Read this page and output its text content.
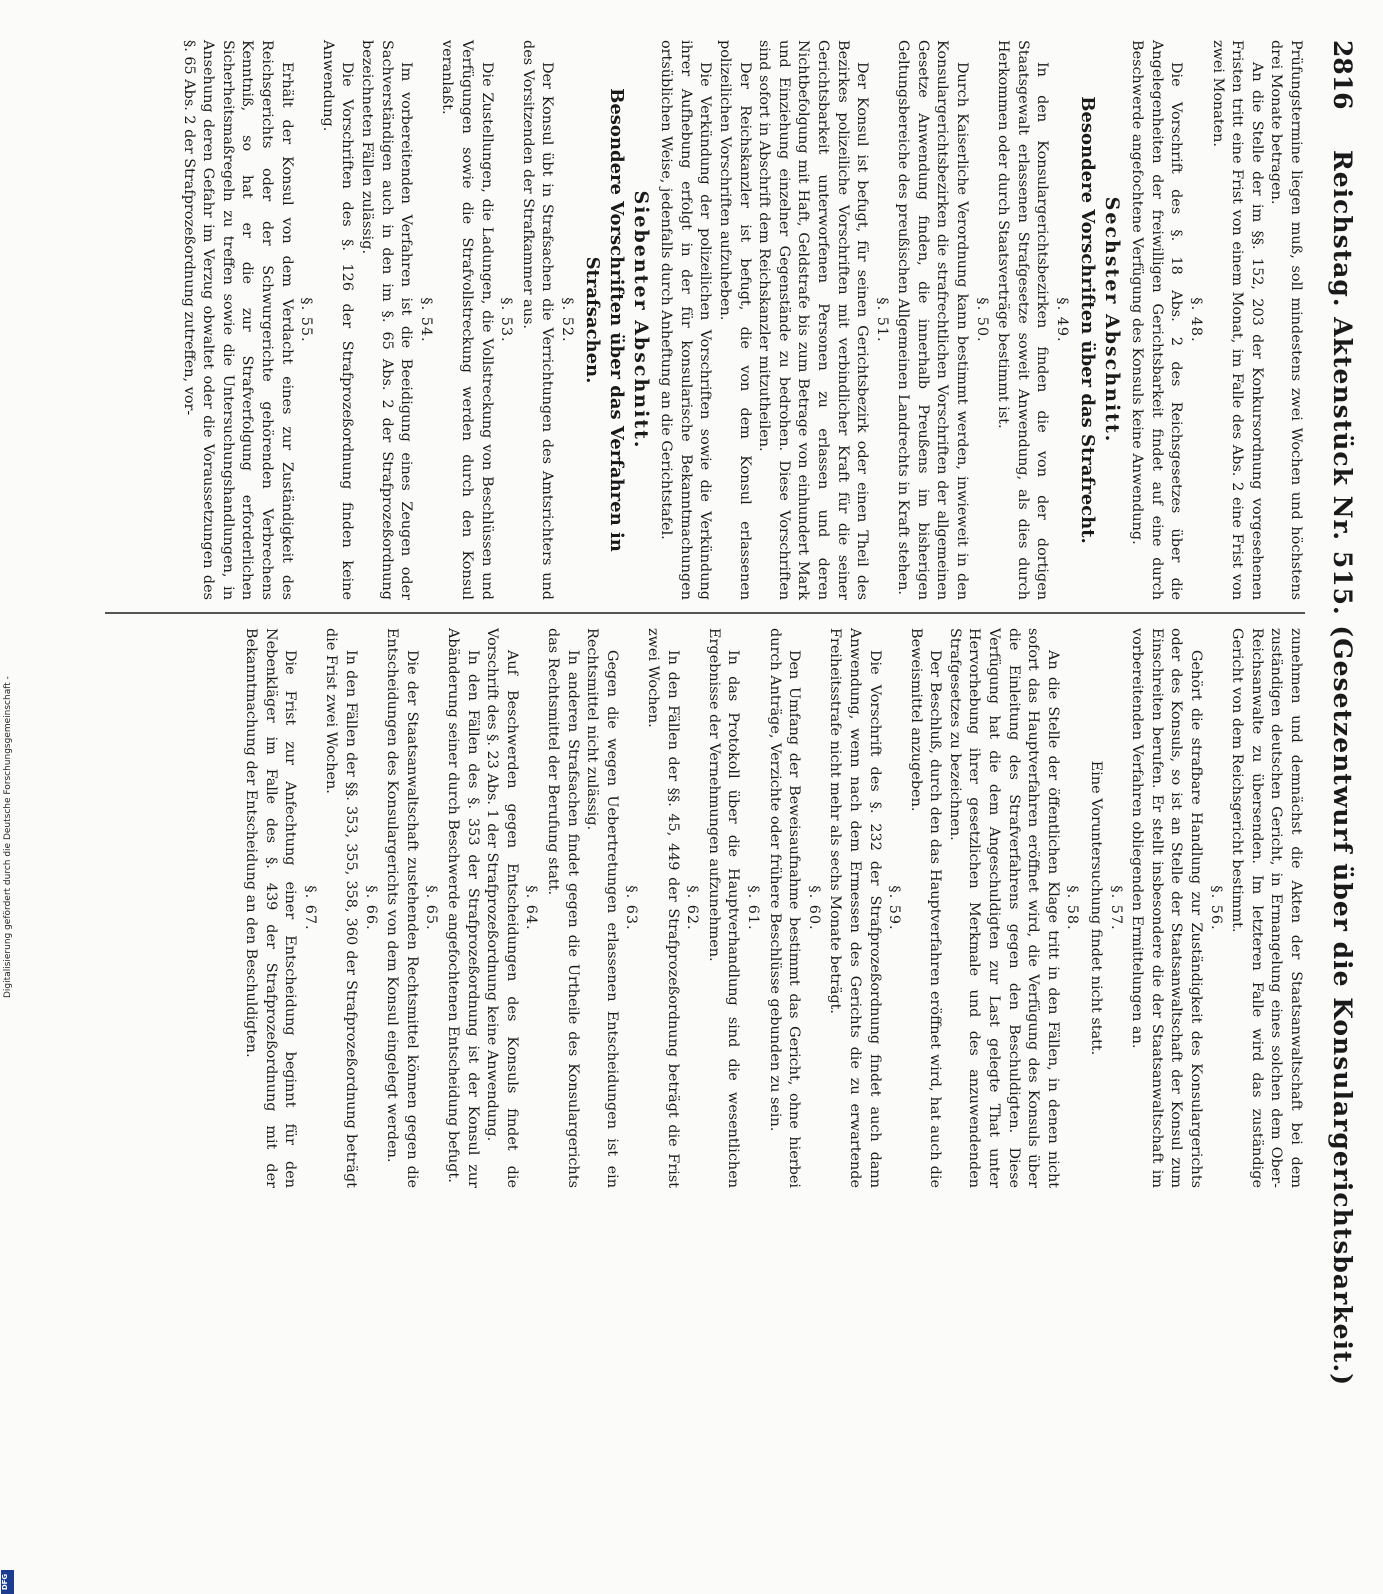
2816
Reichstag. Aktenstück Nr. 515. (Gesetzentwurf über die Konsulargerichtsbarkeit.)
Prüfungstermine liegen muß, soll mindestens zwei Wochen und höchstens drei Monate betragen.
An die Stelle der im §§. 152, 203 der Konkursordnung vorgesehenen Fristen tritt eine Frist von einem Monat, im Falle des Abs. 2 eine Frist von zwei Monaten.
§. 48.
Die Vorschrift des §. 18 Abs. 2 des Reichsgesetzes über die Angelegenheiten der freiwilligen Gerichtsbarkeit findet auf eine durch Beschwerde angefochtene Verfügung des Konsuls keine Anwendung.
Sechster Abschnitt.
Besondere Vorschriften über das Strafrecht.
§. 49.
In den Konsulargerichtsbezirken finden die von der dortigen Staatsgewalt erlassenen Strafgesetze soweit Anwendung, als dies durch Herkommen oder durch Staatsverträge bestimmt ist.
§. 50.
Durch Kaiserliche Verordnung kann bestimmt werden, inwieweit in den Konsulargerichtsbezirken die strafrechtlichen Vorschriften der allgemeinen Gesetze Anwendung finden, die innerhalb Preußens im bisherigen Geltungsbereiche des preußischen Allgemeinen Landrechts in Kraft stehen.
§. 51.
Der Konsul ist befugt, für seinen Gerichtsbezirk oder einen Theil des Bezirkes polizeiliche Vorschriften mit verbindlicher Kraft für die seiner Gerichtsbarkeit unterworfenen Personen zu erlassen und deren Nichtbefolgung mit Haft, Geldstrafe bis zum Betrage von einhundert Mark und Einziehung einzelner Gegenstände zu bedrohen. Diese Vorschriften sind sofort in Abschrift dem Reichskanzler mitzutheilen.
Der Reichskanzler ist befugt, die von dem Konsul erlassenen polizeilichen Vorschriften aufzuheben.
Die Verkündung der polizeilichen Vorschriften sowie die Verkündung ihrer Aufhebung erfolgt in der für konsularische Bekanntmachungen ortsüblichen Weise, jedenfalls durch Anheftung an die Gerichtstafel.
Siebenter Abschnitt.
Besondere Vorschriften über das Verfahren in Strafsachen.
§. 52.
Der Konsul übt in Strafsachen die Verrichtungen des Amtsrichters und des Vorsitzenden der Strafkammer aus.
§. 53.
Die Zustellungen, die Ladungen, die Vollstreckung von Beschlüssen und Verfügungen sowie die Strafvollstreckung werden durch den Konsul veranlaßt.
§. 54.
Im vorbereitenden Verfahren ist die Beeidigung eines Zeugen oder Sachverständigen auch in den im §. 65 Abs. 2 der Strafprozeßordnung bezeichneten Fällen zulässig.
Die Vorschriften des §. 126 der Strafprozeßordnung finden keine Anwendung.
§. 55.
Erhält der Konsul von dem Verdacht eines zur Zuständigkeit des Reichsgerichts oder der Schwurgerichte gehörenden Verbrechens Kenntniß, so hat er die zur Strafverfolgung erforderlichen Sicherheitsmaßregeln zu treffen sowie die Untersuchungshandlungen, in Ansehung deren Gefahr im Verzug obwaltet oder die Voraussetzungen des §. 65 Abs. 2 der Strafprozeßordnung zutreffen, vor-
zunehmen und demnächst die Akten der Staatsanwaltschaft bei dem zuständigen deutschen Gericht, in Ermangelung eines solchen dem Ober-Reichsanwalte zu übersenden. Im letzteren Falle wird das zuständige Gericht von dem Reichsgericht bestimmt.
§. 56.
Gehört die strafbare Handlung zur Zuständigkeit des Konsulargerichts oder des Konsuls, so ist an Stelle der Staatsanwaltschaft der Konsul zum Einschreiten berufen. Er stellt insbesondere die der Staatsanwaltschaft im vorbereitenden Verfahren obliegenden Ermittelungen an.
§. 57.
Eine Voruntersuchung findet nicht statt.
§. 58.
An die Stelle der öffentlichen Klage tritt in den Fällen, in denen nicht sofort das Hauptverfahren eröffnet wird, die Verfügung des Konsuls über die Einleitung des Strafverfahrens gegen den Beschuldigten. Diese Verfügung hat die dem Angeschuldigten zur Last gelegte That unter Hervorhebung ihrer gesetzlichen Merkmale und des anzuwendenden Strafgesetzes zu bezeichnen.
Der Beschluß, durch den das Hauptverfahren eröffnet wird, hat auch die Beweismittel anzugeben.
§. 59.
Die Vorschrift des §. 232 der Strafprozeßordnung findet auch dann Anwendung, wenn nach dem Ermessen des Gerichts die zu erwartende Freiheitsstrafe nicht mehr als sechs Monate beträgt.
§. 60.
Den Umfang der Beweisaufnahme bestimmt das Gericht, ohne hierbei durch Anträge, Verzichte oder frühere Beschlüsse gebunden zu sein.
§. 61.
In das Protokoll über die Hauptverhandlung sind die wesentlichen Ergebnisse der Vernehmungen aufzunehmen.
§. 62.
In den Fällen der §§. 45, 449 der Strafprozeßordnung beträgt die Frist zwei Wochen.
§. 63.
Gegen die wegen Uebertretungen erlassenen Entscheidungen ist ein Rechtsmittel nicht zulässig.
In anderen Strafsachen findet gegen die Urtheile des Konsulargerichts das Rechtsmittel der Berufung statt.
§. 64.
Auf Beschwerden gegen Entscheidungen des Konsuls findet die Vorschrift des §. 23 Abs. 1 der Strafprozeßordnung keine Anwendung.
In den Fällen des §. 353 der Strafprozeßordnung ist der Konsul zur Abänderung seiner durch Beschwerde angefochtenen Entscheidung befugt.
§. 65.
Die der Staatsanwaltschaft zustehenden Rechtsmittel können gegen die Entscheidungen des Konsulargerichts von dem Konsul eingelegt werden.
§. 66.
In den Fällen der §§. 353, 355, 358, 360 der Strafprozeßordnung beträgt die Frist zwei Wochen.
§. 67.
Die Frist zur Anfechtung einer Entscheidung beginnt für den Nebenkläger im Falle des §. 439 der Strafprozeßordnung mit der Bekanntmachung der Entscheidung an den Beschuldigten.
Digitalisierung gefördert durch die Deutsche Forschungsgemeinschaft -
DFG
